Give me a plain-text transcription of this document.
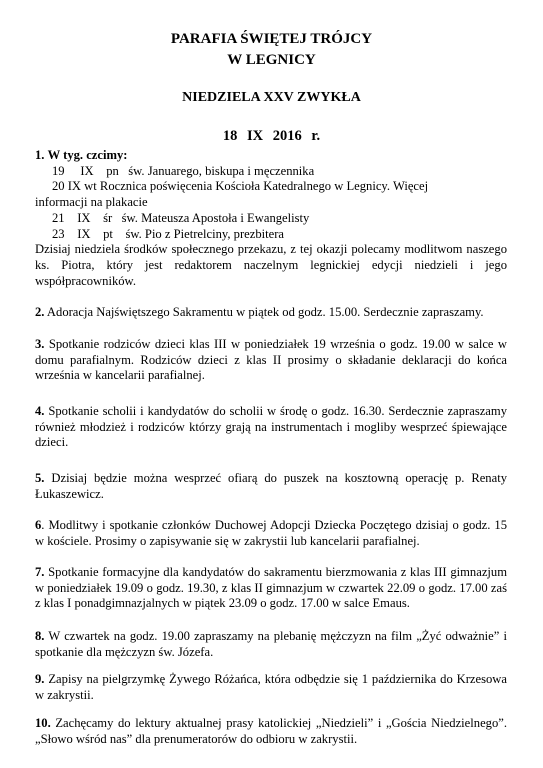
PARAFIA ŚWIĘTEJ TRÓJCY
W LEGNICY
NIEDZIELA XXV ZWYKŁA
18 IX 2016 r.
1. W tyg. czcimy:
19     IX    pn   św. Januarego, biskupa i męczennika
20 IX wt Rocznica poświęcenia Kościoła Katedralnego w Legnicy. Więcej
informacji na plakacie
21    IX    śr   św. Mateusza Apostoła i Ewangelisty
23    IX    pt    św. Pio z Pietrelciny, prezbitera
Dzisiaj niedziela środków społecznego przekazu, z tej okazji polecamy modlitwom naszego ks. Piotra, który jest redaktorem naczelnym legnickiej edycji niedzieli i jego współpracowników.
2. Adoracja Najświętszego Sakramentu w piątek od godz. 15.00. Serdecznie zapraszamy.
3. Spotkanie rodziców dzieci klas III w poniedziałek 19 września o godz. 19.00 w salce w domu parafialnym. Rodziców dzieci z klas II prosimy o składanie deklaracji do końca września w kancelarii parafialnej.
4. Spotkanie scholii i kandydatów do scholii w środę o godz. 16.30. Serdecznie zapraszamy również młodzież i rodziców którzy grają na instrumentach i mogliby wesprzeć śpiewające dzieci.
5. Dzisiaj będzie można wesprzeć ofiarą do puszek na kosztowną operację p. Renaty Łukaszewicz.
6. Modlitwy i spotkanie członków Duchowej Adopcji Dziecka Poczętego dzisiaj o godz. 15 w kościele. Prosimy o zapisywanie się w zakrystii lub kancelarii parafialnej.
7. Spotkanie formacyjne dla kandydatów do sakramentu bierzmowania z klas III gimnazjum w poniedziałek 19.09 o godz. 19.30, z klas II gimnazjum w czwartek 22.09 o godz. 17.00 zaś z klas I ponadgimnazjalnych w piątek 23.09 o godz. 17.00 w salce Emaus.
8. W czwartek na godz. 19.00 zapraszamy na plebanię mężczyzn na film „Żyć odważnie” i spotkanie dla mężczyzn św. Józefa.
9. Zapisy na pielgrzymkę Żywego Różańca, która odbędzie się 1 października do Krzesowa w zakrystii.
10. Zachęcamy do lektury aktualnej prasy katolickiej „Niedzieli” i „Gościa Niedzielnego”. „Słowo wśród nas” dla prenumeratorów do odbioru w zakrystii.
